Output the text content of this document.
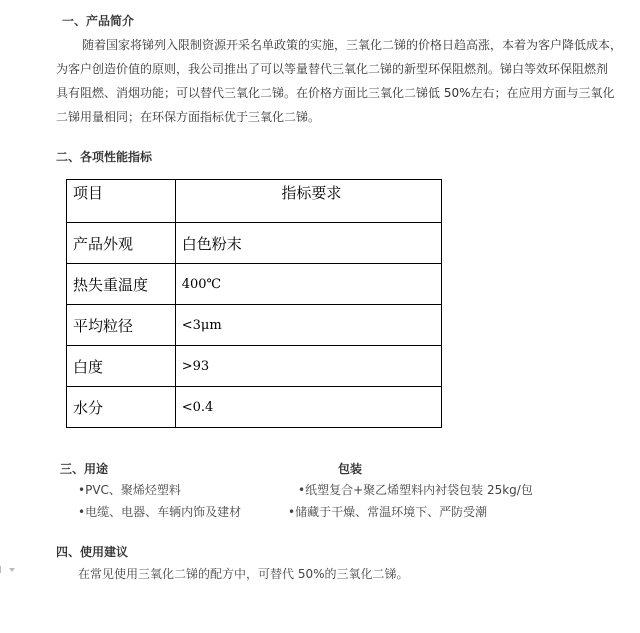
一、产品简介
随着国家将锑列入限制资源开采名单政策的实施，三氧化二锑的价格日趋高涨，本着为客户降低成本，
为客户创造价值的原则，我公司推出了可以等量替代三氧化二锑的新型环保阻燃剂。锑白等效环保阻燃剂
具有阻燃、消烟功能；可以替代三氧化二锑。在价格方面比三氧化二锑低 50%左右；在应用方面与三氧化
二锑用量相同；在环保方面指标优于三氧化二锑。
二、各项性能指标
项目	指标要求
产品外观	白色粉末
热失重温度	400℃
平均粒径	<3μm
白度	>93
水分	<0.4
三、用途	包装
•PVC、聚烯烃塑料
•电缆、电器、车辆内饰及建材
•纸塑复合+聚乙烯塑料内衬袋包装 25kg/包
•储藏于干燥、常温环境下、严防受潮
四、使用建议
在常见使用三氧化二锑的配方中，可替代 50%的三氧化二锑。
